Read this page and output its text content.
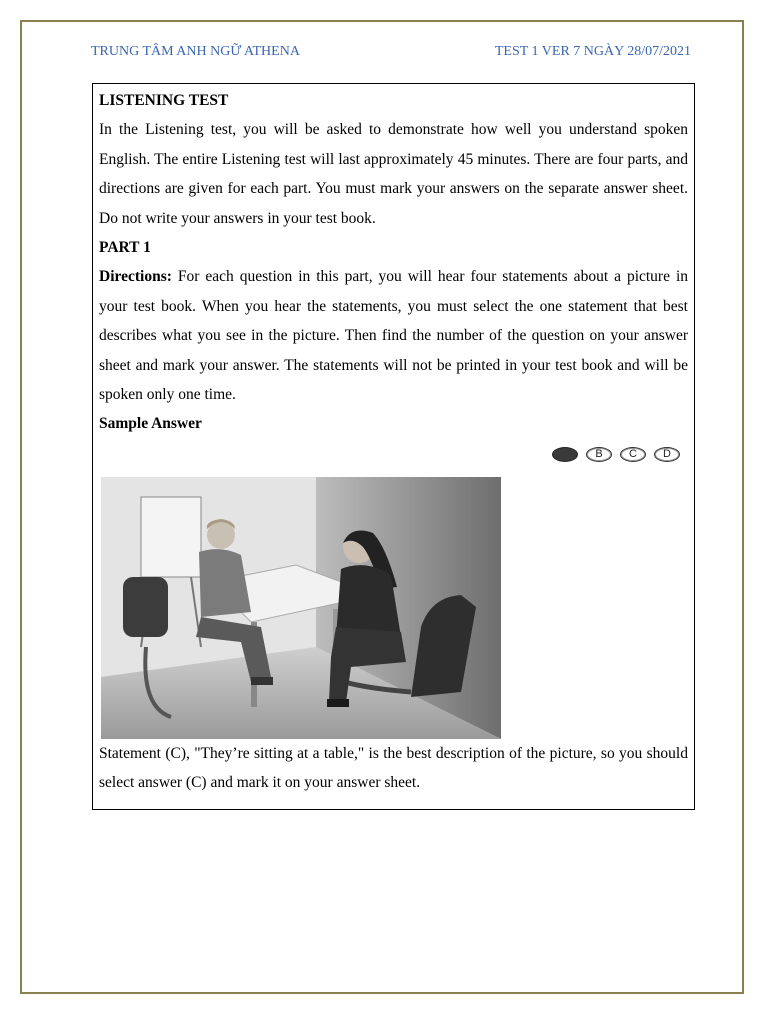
TRUNG TÂM ANH NGỮ ATHENA	TEST 1 VER 7 NGÀY 28/07/2021

LISTENING TEST

In the Listening test, you will be asked to demonstrate how well you understand spoken English. The entire Listening test will last approximately 45 minutes. There are four parts, and directions are given for each part. You must mark your answers on the separate answer sheet. Do not write your answers in your test book.

PART 1

Directions: For each question in this part, you will hear four statements about a picture in your test book. When you hear the statements, you must select the one statement that best describes what you see in the picture. Then find the number of the question on your answer sheet and mark your answer. The statements will not be printed in your test book and will be spoken only one time.

Sample Answer

B	C	D

Statement (C), "They’re sitting at a table," is the best description of the picture, so you should select answer (C) and mark it on your answer sheet.
